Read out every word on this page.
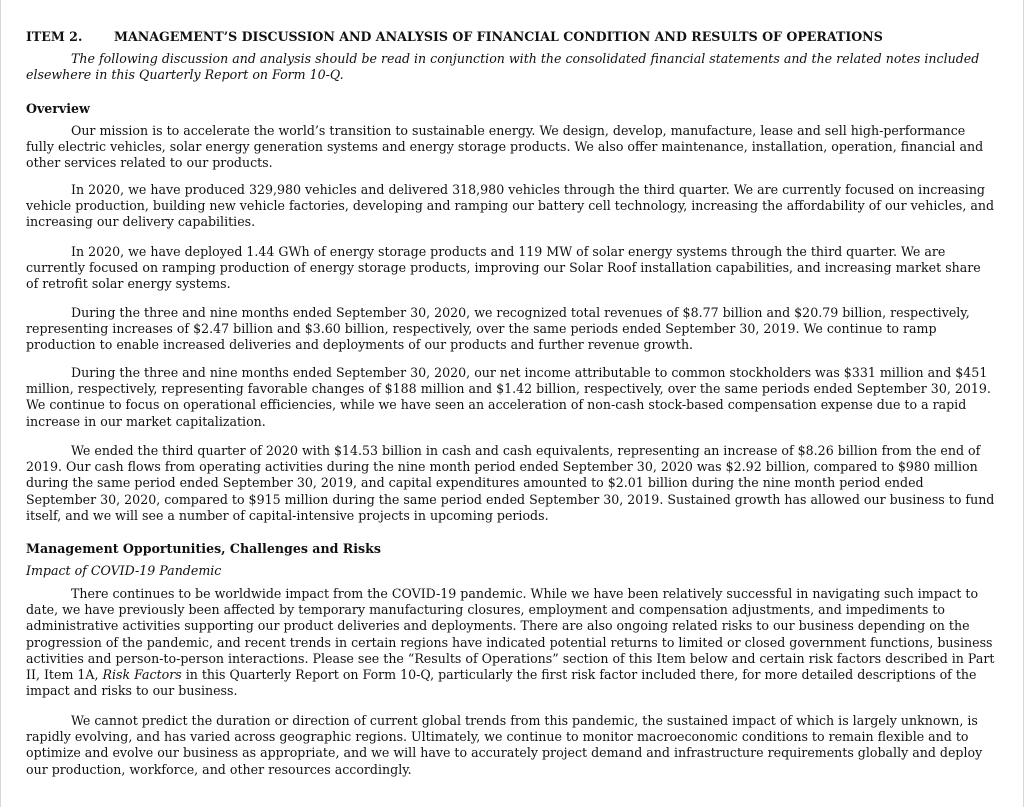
ITEM 2.	MANAGEMENT’S DISCUSSION AND ANALYSIS OF FINANCIAL CONDITION AND RESULTS OF OPERATIONS
The following discussion and analysis should be read in conjunction with the consolidated financial statements and the related notes included elsewhere in this Quarterly Report on Form 10-Q.
Overview

Our mission is to accelerate the world’s transition to sustainable energy. We design, develop, manufacture, lease and sell high-performance fully electric vehicles, solar energy generation systems and energy storage products. We also offer maintenance, installation, operation, financial and other services related to our products.

In 2020, we have produced 329,980 vehicles and delivered 318,980 vehicles through the third quarter. We are currently focused on increasing vehicle production, building new vehicle factories, developing and ramping our battery cell technology, increasing the affordability of our vehicles, and increasing our delivery capabilities.

In 2020, we have deployed 1.44 GWh of energy storage products and 119 MW of solar energy systems through the third quarter. We are currently focused on ramping production of energy storage products, improving our Solar Roof installation capabilities, and increasing market share of retrofit solar energy systems.

During the three and nine months ended September 30, 2020, we recognized total revenues of $8.77 billion and $20.79 billion, respectively, representing increases of $2.47 billion and $3.60 billion, respectively, over the same periods ended September 30, 2019. We continue to ramp production to enable increased deliveries and deployments of our products and further revenue growth.

During the three and nine months ended September 30, 2020, our net income attributable to common stockholders was $331 million and $451 million, respectively, representing favorable changes of $188 million and $1.42 billion, respectively, over the same periods ended September 30, 2019. We continue to focus on operational efficiencies, while we have seen an acceleration of non-cash stock-based compensation expense due to a rapid increase in our market capitalization.

We ended the third quarter of 2020 with $14.53 billion in cash and cash equivalents, representing an increase of $8.26 billion from the end of 2019. Our cash flows from operating activities during the nine month period ended September 30, 2020 was $2.92 billion, compared to $980 million during the same period ended September 30, 2019, and capital expenditures amounted to $2.01 billion during the nine month period ended September 30, 2020, compared to $915 million during the same period ended September 30, 2019. Sustained growth has allowed our business to fund itself, and we will see a number of capital-intensive projects in upcoming periods.

Management Opportunities, Challenges and Risks
Impact of COVID-19 Pandemic

There continues to be worldwide impact from the COVID-19 pandemic. While we have been relatively successful in navigating such impact to date, we have previously been affected by temporary manufacturing closures, employment and compensation adjustments, and impediments to administrative activities supporting our product deliveries and deployments. There are also ongoing related risks to our business depending on the progression of the pandemic, and recent trends in certain regions have indicated potential returns to limited or closed government functions, business activities and person-to-person interactions. Please see the “Results of Operations” section of this Item below and certain risk factors described in Part II, Item 1A, Risk Factors in this Quarterly Report on Form 10-Q, particularly the first risk factor included there, for more detailed descriptions of the impact and risks to our business.

We cannot predict the duration or direction of current global trends from this pandemic, the sustained impact of which is largely unknown, is rapidly evolving, and has varied across geographic regions. Ultimately, we continue to monitor macroeconomic conditions to remain flexible and to optimize and evolve our business as appropriate, and we will have to accurately project demand and infrastructure requirements globally and deploy our production, workforce, and other resources accordingly.
